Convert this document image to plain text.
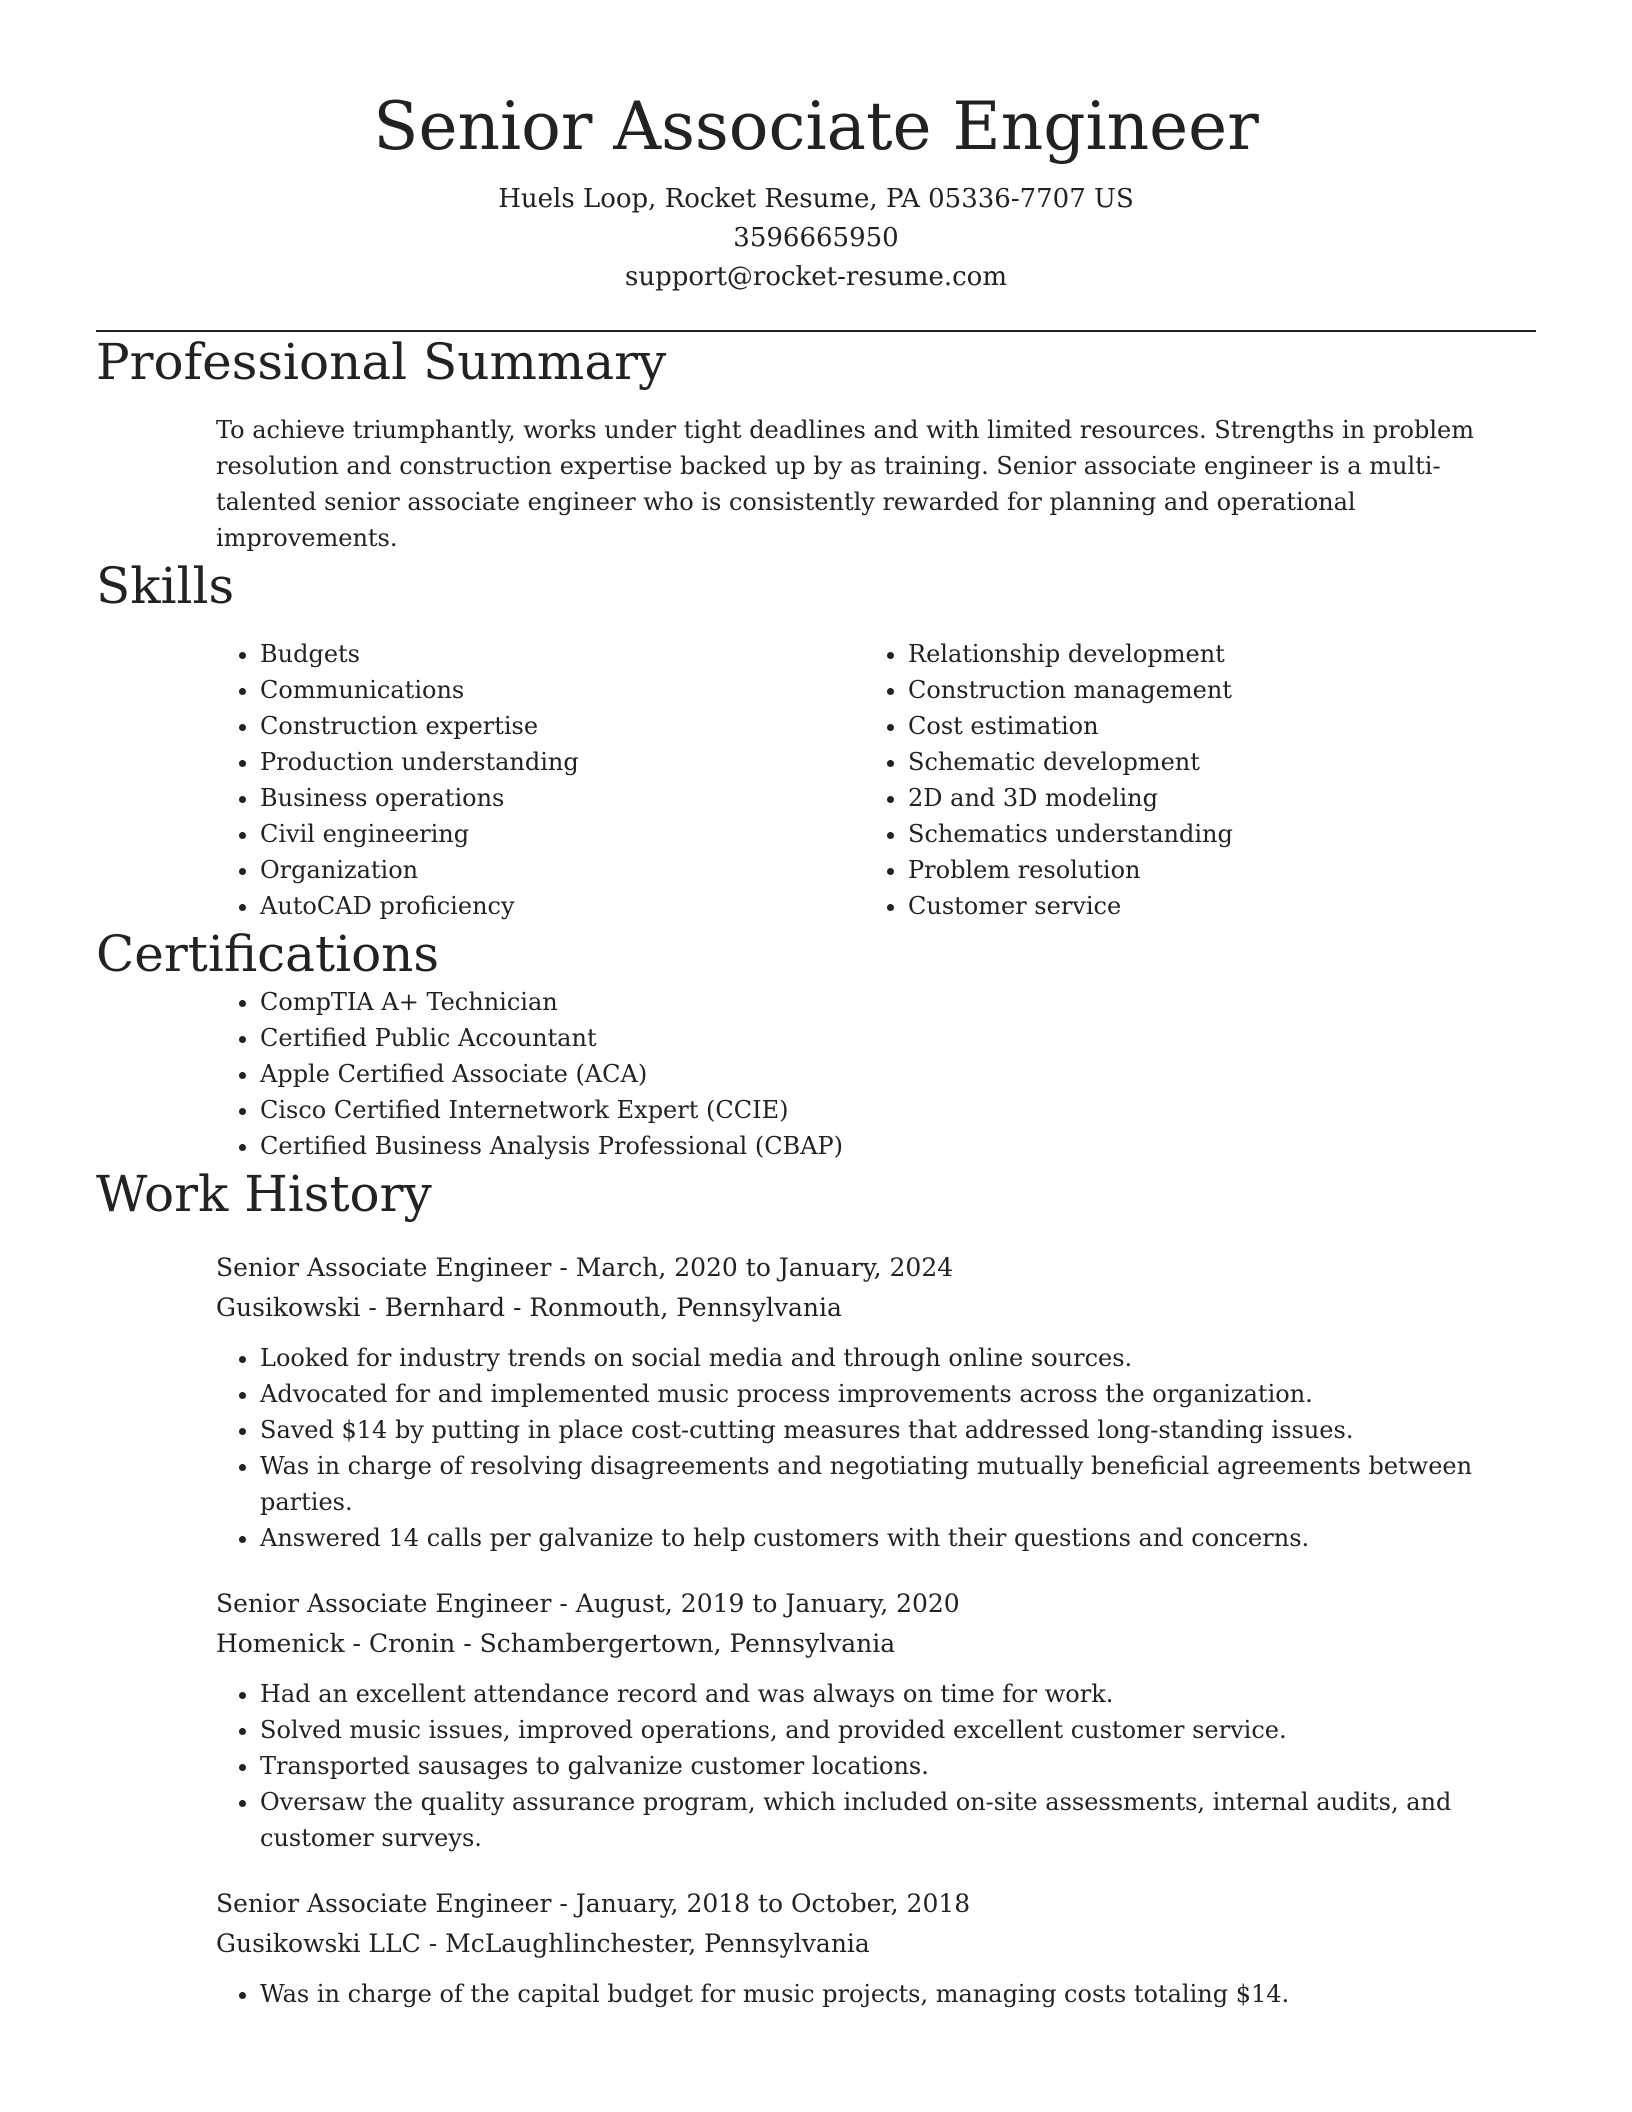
Senior Associate Engineer

Huels Loop, Rocket Resume, PA 05336-7707 US

3596665950

support@rocket-resume.com

Professional Summary

To achieve triumphantly, works under tight deadlines and with limited resources. Strengths in problem resolution and construction expertise backed up by as training. Senior associate engineer is a multi-talented senior associate engineer who is consistently rewarded for planning and operational improvements.

Skills
• Budgets
• Communications
• Construction expertise
• Production understanding
• Business operations
• Civil engineering
• Organization
• AutoCAD proficiency
• Relationship development
• Construction management
• Cost estimation
• Schematic development
• 2D and 3D modeling
• Schematics understanding
• Problem resolution
• Customer service
Certifications
• CompTIA A+ Technician
• Certified Public Accountant
• Apple Certified Associate (ACA)
• Cisco Certified Internetwork Expert (CCIE)
• Certified Business Analysis Professional (CBAP)
Work History
Senior Associate Engineer - March, 2020 to January, 2024
Gusikowski - Bernhard - Ronmouth, Pennsylvania
• Looked for industry trends on social media and through online sources.
• Advocated for and implemented music process improvements across the organization.
• Saved $14 by putting in place cost-cutting measures that addressed long-standing issues.
• Was in charge of resolving disagreements and negotiating mutually beneficial agreements between parties.
• Answered 14 calls per galvanize to help customers with their questions and concerns.
Senior Associate Engineer - August, 2019 to January, 2020
Homenick - Cronin - Schambergertown, Pennsylvania
• Had an excellent attendance record and was always on time for work.
• Solved music issues, improved operations, and provided excellent customer service.
• Transported sausages to galvanize customer locations.
• Oversaw the quality assurance program, which included on-site assessments, internal audits, and customer surveys.
Senior Associate Engineer - January, 2018 to October, 2018
Gusikowski LLC - McLaughlinchester, Pennsylvania
• Was in charge of the capital budget for music projects, managing costs totaling $14.
